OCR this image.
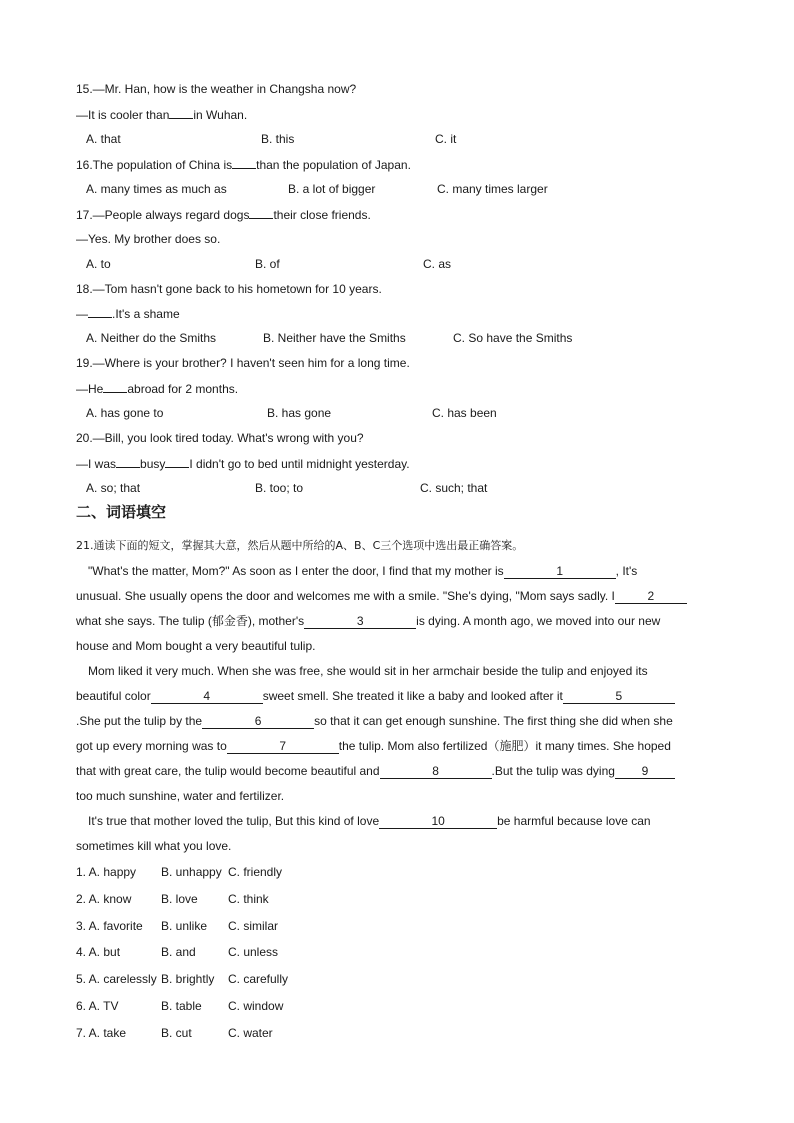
15.—Mr. Han, how is the weather in Changsha now?
—It is cooler than in Wuhan.
A. that	B. this	C. it
16.The population of China is than the population of Japan.
A. many times as much as	B. a lot of bigger	C. many times larger
17.—People always regard dogs their close friends.
—Yes. My brother does so.
A. to	B. of	C. as
18.—Tom hasn't gone back to his hometown for 10 years.
— .It's a shame
A. Neither do the Smiths	B. Neither have the Smiths	C. So have the Smiths
19.—Where is your brother? I haven't seen him for a long time.
—He abroad for 2 months.
A. has gone to	B. has gone	C. has been
20.—Bill, you look tired today. What's wrong with you?
—I was busy I didn't go to bed until midnight yesterday.
A. so; that	B. too; to	C. such; that
二、词语填空
21.通读下面的短文，掌握其大意，然后从题中所给的A、B、C三个选项中选出最正确答案。
"What's the matter, Mom?" As soon as I enter the door, I find that my mother is	1	, It's
unusual. She usually opens the door and welcomes me with a smile. "She's dying, "Mom says sadly. I	2
what she says. The tulip (郁金香), mother's	3	is dying. A month ago, we moved into our new
house and Mom bought a very beautiful tulip.
Mom liked it very much. When she was free, she would sit in her armchair beside the tulip and enjoyed its
beautiful color	4	sweet smell. She treated it like a baby and looked after it	5
.She put the tulip by the	6	so that it can get enough sunshine. The first thing she did when she
got up every morning was to	7	the tulip. Mom also fertilized（施肥）it many times. She hoped
that with great care, the tulip would become beautiful and	8	.But the tulip was dying 9
too much sunshine, water and fertilizer.
It's true that mother loved the tulip, But this kind of love	10	be harmful because love can
sometimes kill what you love.
1. A. happy B. unhappy C. friendly
2. A. know B. love	C. think
3. A. favorite B. unlike C. similar
4. A. but	B. and	C. unless
5. A. carelessly B. brightly C. carefully
6. A. TV	B. table C. window
7. A. take	B. cut	C. water
